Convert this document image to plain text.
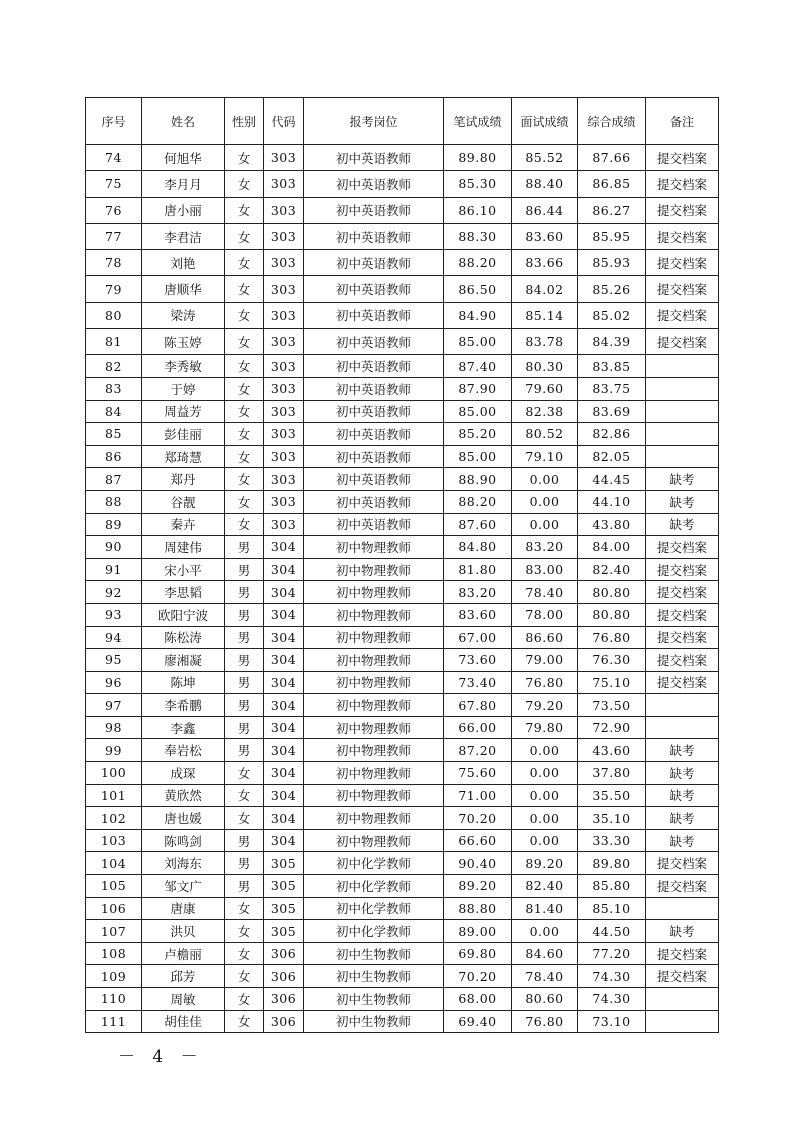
序号	姓名	性别	代码	报考岗位	笔试成绩	面试成绩	综合成绩	备注
74	何旭华	女	303	初中英语教师	89.80	85.52	87.66	提交档案
75	李月月	女	303	初中英语教师	85.30	88.40	86.85	提交档案
76	唐小丽	女	303	初中英语教师	86.10	86.44	86.27	提交档案
77	李君洁	女	303	初中英语教师	88.30	83.60	85.95	提交档案
78	刘艳	女	303	初中英语教师	88.20	83.66	85.93	提交档案
79	唐顺华	女	303	初中英语教师	86.50	84.02	85.26	提交档案
80	梁涛	女	303	初中英语教师	84.90	85.14	85.02	提交档案
81	陈玉婷	女	303	初中英语教师	85.00	83.78	84.39	提交档案
82	李秀敏	女	303	初中英语教师	87.40	80.30	83.85	
83	于婷	女	303	初中英语教师	87.90	79.60	83.75	
84	周益芳	女	303	初中英语教师	85.00	82.38	83.69	
85	彭佳丽	女	303	初中英语教师	85.20	80.52	82.86	
86	郑琦慧	女	303	初中英语教师	85.00	79.10	82.05	
87	郑丹	女	303	初中英语教师	88.90	0.00	44.45	缺考
88	谷靓	女	303	初中英语教师	88.20	0.00	44.10	缺考
89	秦卉	女	303	初中英语教师	87.60	0.00	43.80	缺考
90	周建伟	男	304	初中物理教师	84.80	83.20	84.00	提交档案
91	宋小平	男	304	初中物理教师	81.80	83.00	82.40	提交档案
92	李思韬	男	304	初中物理教师	83.20	78.40	80.80	提交档案
93	欧阳宁波	男	304	初中物理教师	83.60	78.00	80.80	提交档案
94	陈松涛	男	304	初中物理教师	67.00	86.60	76.80	提交档案
95	廖湘凝	男	304	初中物理教师	73.60	79.00	76.30	提交档案
96	陈坤	男	304	初中物理教师	73.40	76.80	75.10	提交档案
97	李希鹏	男	304	初中物理教师	67.80	79.20	73.50	
98	李鑫	男	304	初中物理教师	66.00	79.80	72.90	
99	奉岩松	男	304	初中物理教师	87.20	0.00	43.60	缺考
100	成琛	女	304	初中物理教师	75.60	0.00	37.80	缺考
101	黄欣然	女	304	初中物理教师	71.00	0.00	35.50	缺考
102	唐也媛	女	304	初中物理教师	70.20	0.00	35.10	缺考
103	陈鸣剑	男	304	初中物理教师	66.60	0.00	33.30	缺考
104	刘海东	男	305	初中化学教师	90.40	89.20	89.80	提交档案
105	邹文广	男	305	初中化学教师	89.20	82.40	85.80	提交档案
106	唐康	女	305	初中化学教师	88.80	81.40	85.10	
107	洪贝	女	305	初中化学教师	89.00	0.00	44.50	缺考
108	卢檐丽	女	306	初中生物教师	69.80	84.60	77.20	提交档案
109	邱芳	女	306	初中生物教师	70.20	78.40	74.30	提交档案
110	周敏	女	306	初中生物教师	68.00	80.60	74.30	
111	胡佳佳	女	306	初中生物教师	69.40	76.80	73.10	
－ 4 －
